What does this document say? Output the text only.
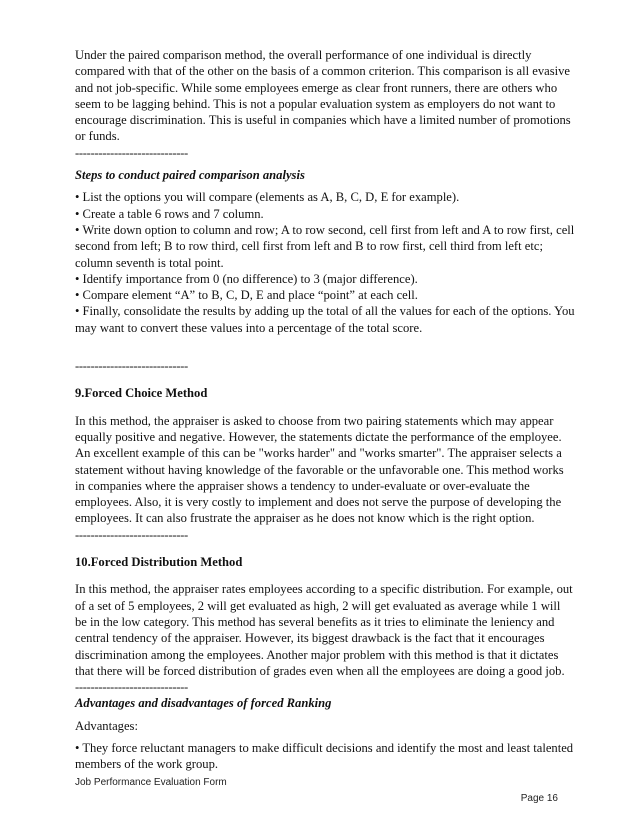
Under the paired comparison method, the overall performance of one individual is directly compared with that of the other on the basis of a common criterion. This comparison is all evasive and not job-specific. While some employees emerge as clear front runners, there are others who seem to be lagging behind. This is not a popular evaluation system as employers do not want to encourage discrimination. This is useful in companies which have a limited number of promotions or funds.

-----------------------------

Steps to conduct paired comparison analysis

• List the options you will compare (elements as A, B, C, D, E for example).

• Create a table 6 rows and 7 column.

• Write down option to column and row; A to row second, cell first from left and A to row first, cell second from left; B to row third, cell first from left and B to row first, cell third from left etc; column seventh is total point.

• Identify importance from 0 (no difference) to 3 (major difference).

• Compare element “A” to B, C, D, E and place “point” at each cell.

• Finally, consolidate the results by adding up the total of all the values for each of the options. You may want to convert these values into a percentage of the total score.

-----------------------------

9.Forced Choice Method

In this method, the appraiser is asked to choose from two pairing statements which may appear equally positive and negative. However, the statements dictate the performance of the employee. An excellent example of this can be "works harder" and "works smarter". The appraiser selects a statement without having knowledge of the favorable or the unfavorable one. This method works in companies where the appraiser shows a tendency to under-evaluate or over-evaluate the employees. Also, it is very costly to implement and does not serve the purpose of developing the employees. It can also frustrate the appraiser as he does not know which is the right option.

-----------------------------

10.Forced Distribution Method

In this method, the appraiser rates employees according to a specific distribution. For example, out of a set of 5 employees, 2 will get evaluated as high, 2 will get evaluated as average while 1 will be in the low category. This method has several benefits as it tries to eliminate the leniency and central tendency of the appraiser. However, its biggest drawback is the fact that it encourages discrimination among the employees. Another major problem with this method is that it dictates that there will be forced distribution of grades even when all the employees are doing a good job.

-----------------------------

Advantages and disadvantages of forced Ranking

Advantages:

• They force reluctant managers to make difficult decisions and identify the most and least talented members of the work group.

Job Performance Evaluation Form
Page 16
